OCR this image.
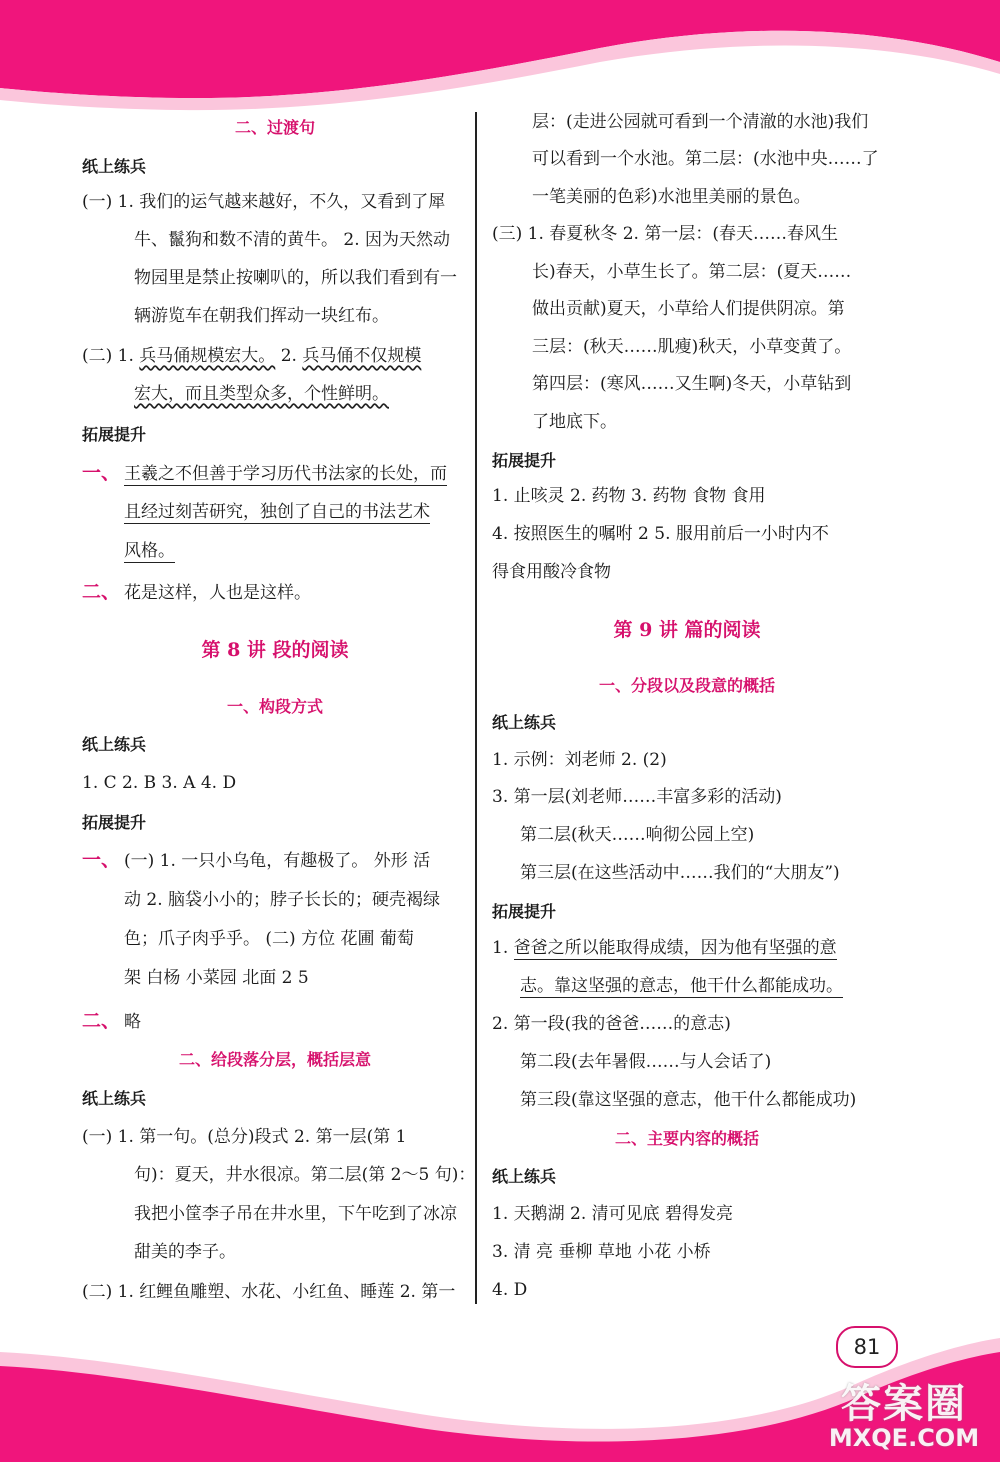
二、过渡句
纸上练兵
(一) 1. 我们的运气越来越好，不久，又看到了犀
牛、鬣狗和数不清的黄牛。 2. 因为天然动
物园里是禁止按喇叭的，所以我们看到有一
辆游览车在朝我们挥动一块红布。
(二) 1. 兵马俑规模宏大。 2. 兵马俑不仅规模
宏大，而且类型众多，个性鲜明。
拓展提升
一、 王羲之不但善于学习历代书法家的长处，而
且经过刻苦研究，独创了自己的书法艺术
风格。
二、 花是这样，人也是这样。
第 8 讲 段的阅读
一、构段方式
纸上练兵
1. C 2. B 3. A 4. D
拓展提升
一、 (一) 1. 一只小乌龟，有趣极了。 外形 活
动 2. 脑袋小小的；脖子长长的；硬壳褐绿
色；爪子肉乎乎。 (二) 方位 花圃 葡萄
架 白杨 小菜园 北面 2 5
二、 略
二、给段落分层，概括层意
纸上练兵
(一) 1. 第一句。(总分)段式 2. 第一层(第 1
句)：夏天，井水很凉。第二层(第 2～5 句)：
我把小筐李子吊在井水里，下午吃到了冰凉
甜美的李子。
(二) 1. 红鲤鱼雕塑、水花、小红鱼、睡莲 2. 第一
层：(走进公园就可看到一个清澈的水池)我们
可以看到一个水池。第二层：(水池中央……了
一笔美丽的色彩)水池里美丽的景色。
(三) 1. 春夏秋冬 2. 第一层：(春天……春风生
长)春天，小草生长了。第二层：(夏天……
做出贡献)夏天，小草给人们提供阴凉。第
三层：(秋天……肌瘦)秋天，小草变黄了。
第四层：(寒风……又生啊)冬天，小草钻到
了地底下。
拓展提升
1. 止咳灵 2. 药物 3. 药物 食物 食用
4. 按照医生的嘱咐 2 5. 服用前后一小时内不
得食用酸冷食物
第 9 讲 篇的阅读
一、分段以及段意的概括
纸上练兵
1. 示例：刘老师 2. (2)
3. 第一层(刘老师……丰富多彩的活动)
第二层(秋天……响彻公园上空)
第三层(在这些活动中……我们的“大朋友”)
拓展提升
1. 爸爸之所以能取得成绩，因为他有坚强的意
志。靠这坚强的意志，他干什么都能成功。
2. 第一段(我的爸爸……的意志)
第二段(去年暑假……与人会话了)
第三段(靠这坚强的意志，他干什么都能成功)
二、主要内容的概括
纸上练兵
1. 天鹅湖 2. 清可见底 碧得发亮
3. 清 亮 垂柳 草地 小花 小桥
4. D
81
答案圈
MXQE.COM
